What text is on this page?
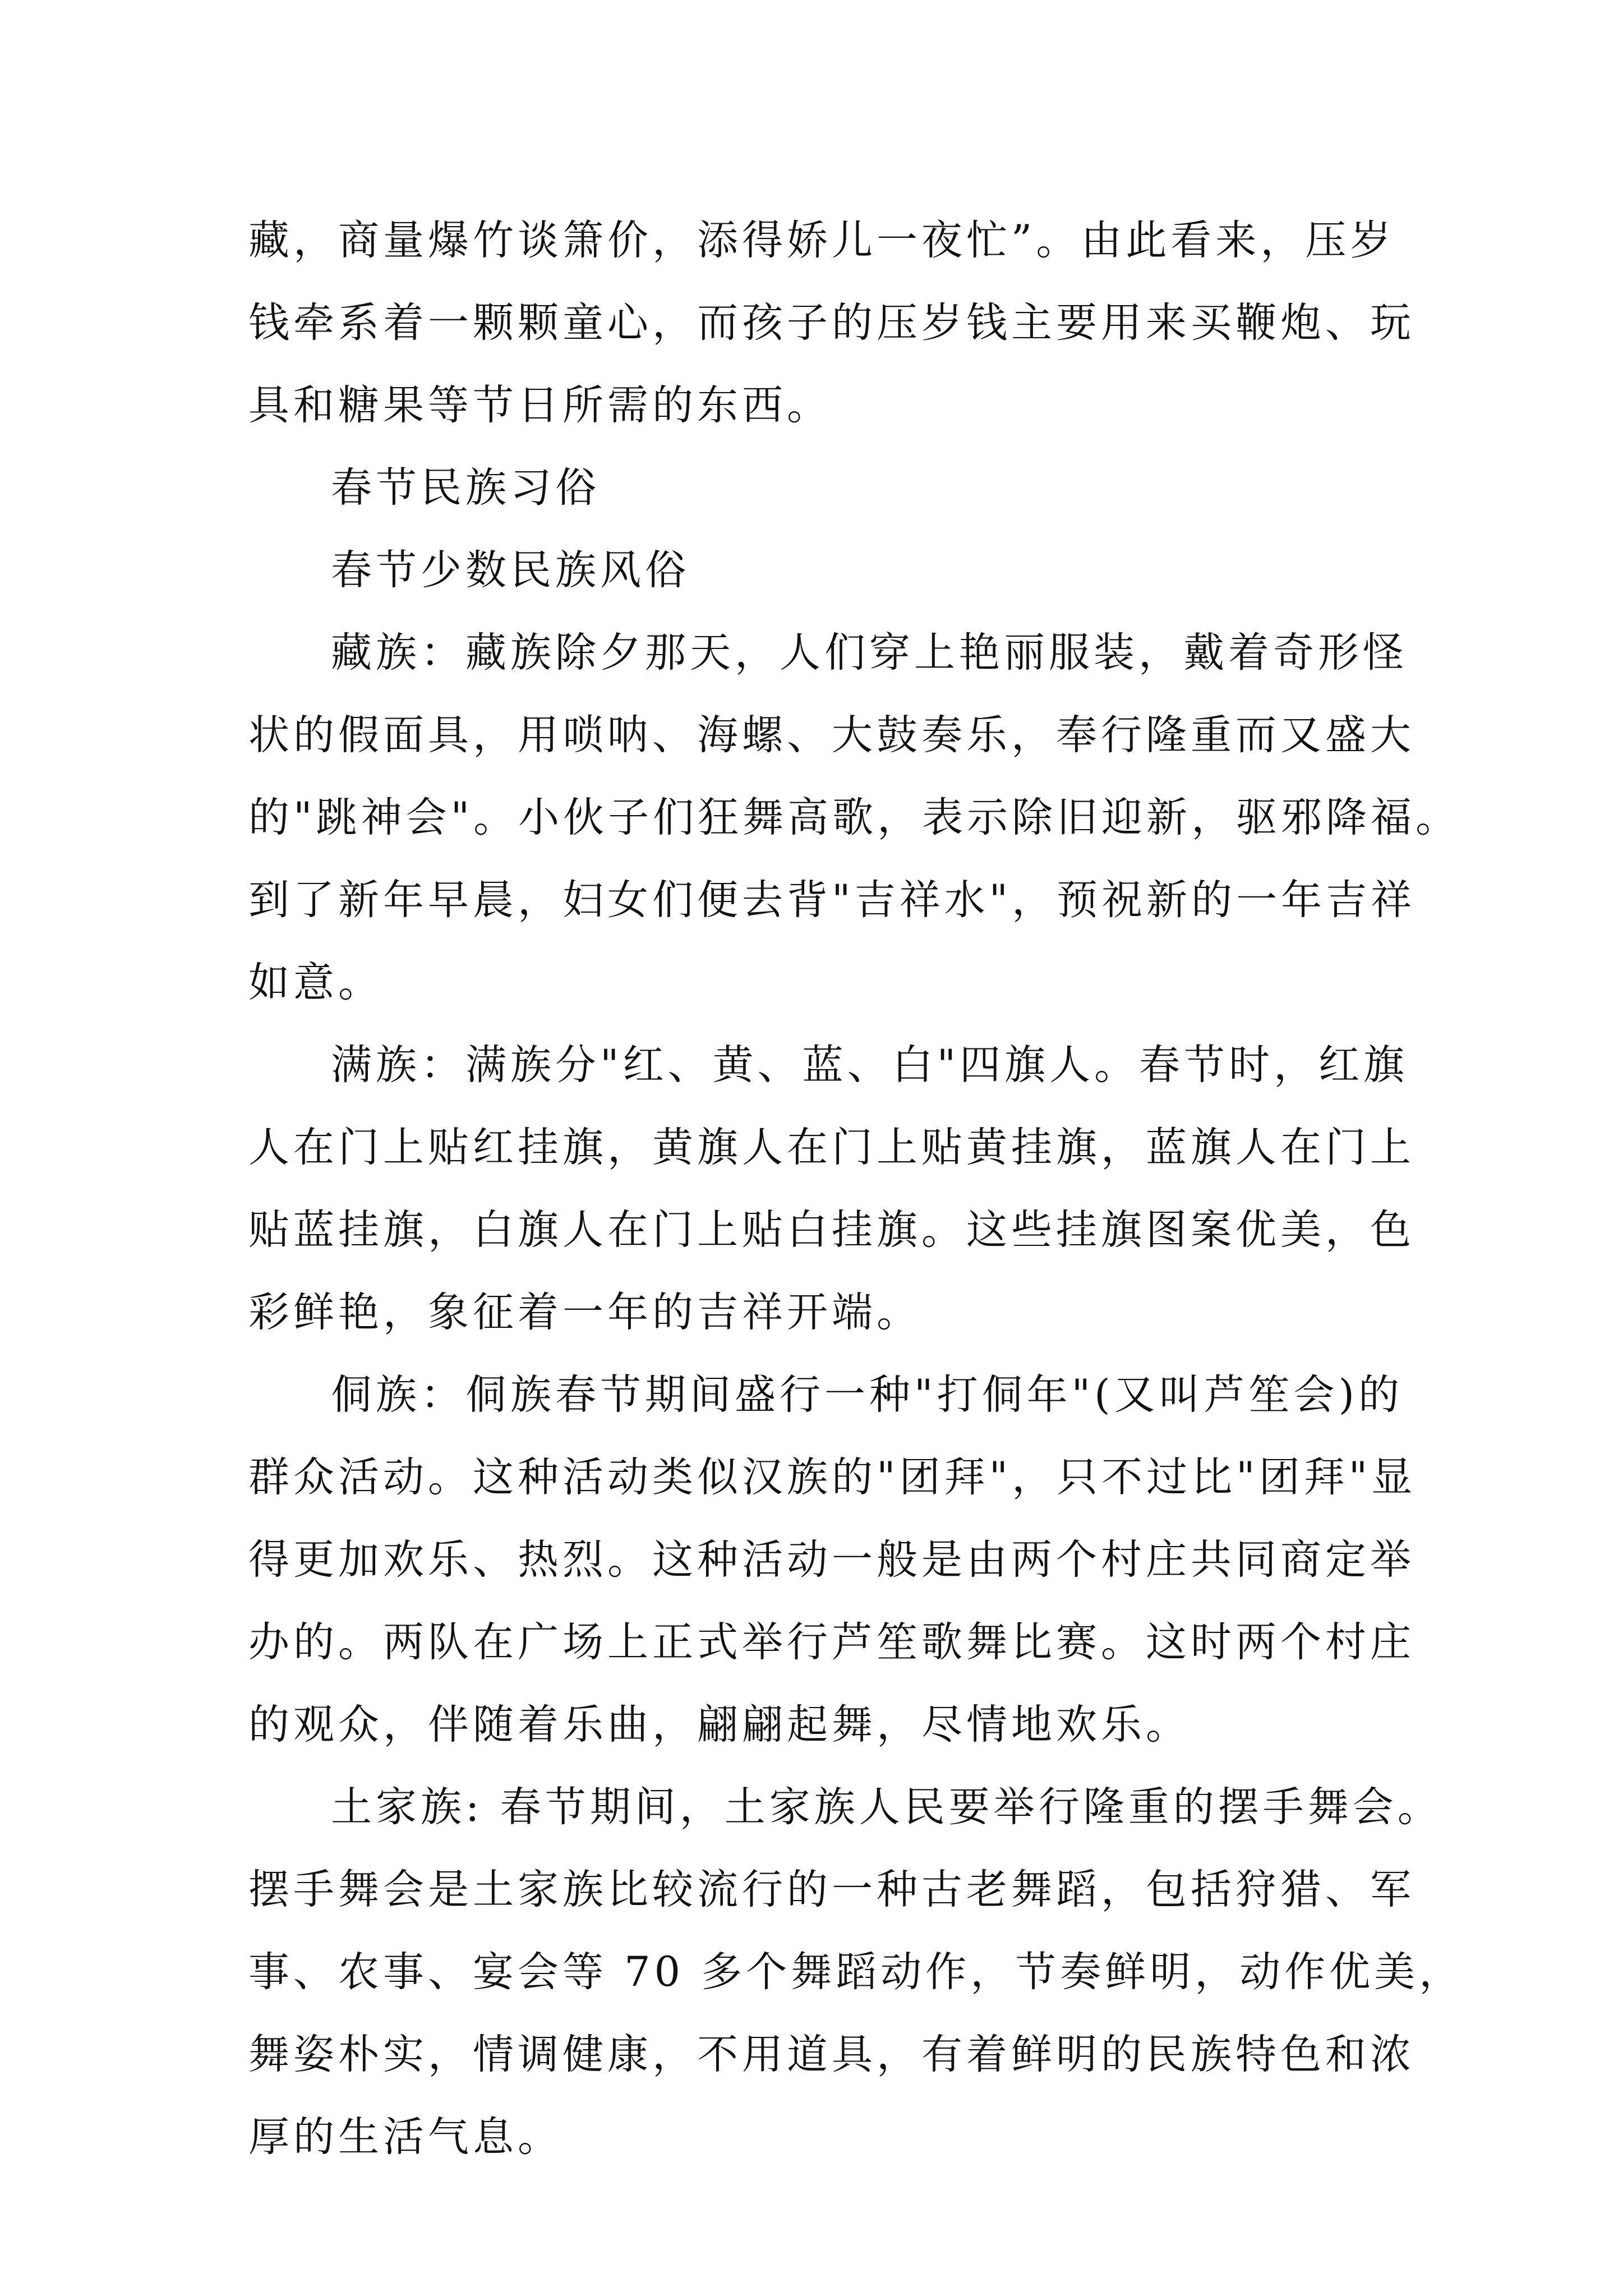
藏，商量爆竹谈箫价，添得娇儿一夜忙”。由此看来，压岁
钱牵系着一颗颗童心，而孩子的压岁钱主要用来买鞭炮、玩
具和糖果等节日所需的东西。
春节民族习俗
春节少数民族风俗
藏族：藏族除夕那天，人们穿上艳丽服装，戴着奇形怪
状的假面具，用唢呐、海螺、大鼓奏乐，奉行隆重而又盛大
的"跳神会"。小伙子们狂舞高歌，表示除旧迎新，驱邪降福。
到了新年早晨，妇女们便去背"吉祥水"，预祝新的一年吉祥
如意。
满族：满族分"红、黄、蓝、白"四旗人。春节时，红旗
人在门上贴红挂旗，黄旗人在门上贴黄挂旗，蓝旗人在门上
贴蓝挂旗，白旗人在门上贴白挂旗。这些挂旗图案优美，色
彩鲜艳，象征着一年的吉祥开端。
侗族：侗族春节期间盛行一种"打侗年"(又叫芦笙会)的
群众活动。这种活动类似汉族的"团拜"，只不过比"团拜"显
得更加欢乐、热烈。这种活动一般是由两个村庄共同商定举
办的。两队在广场上正式举行芦笙歌舞比赛。这时两个村庄
的观众，伴随着乐曲，翩翩起舞，尽情地欢乐。
土家族: 春节期间，土家族人民要举行隆重的摆手舞会。
摆手舞会是土家族比较流行的一种古老舞蹈，包括狩猎、军
事、农事、宴会等 70 多个舞蹈动作，节奏鲜明，动作优美，
舞姿朴实，情调健康，不用道具，有着鲜明的民族特色和浓
厚的生活气息。
